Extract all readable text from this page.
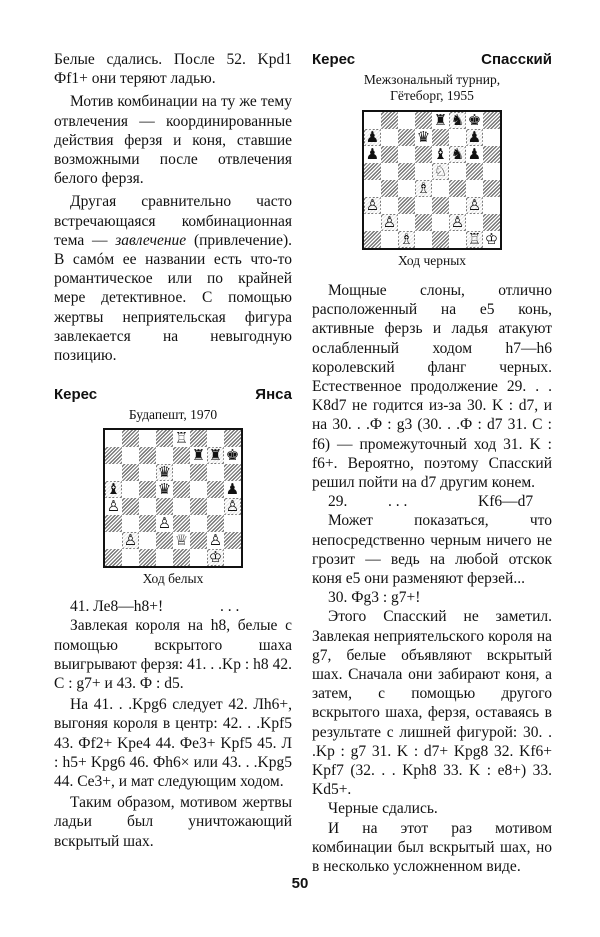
Белые сдались. После 52. Kpd1 Фf1+ они теряют ладью.

Мотив комбинации на ту же тему отвлечения — координированные действия ферзя и коня, ставшие возможными после отвлечения белого ферзя.

Другая сравнительно часто встречающаяся комбинационная тема — завлечение (привлечение). В самóм ее названии есть что-то романтическое или по крайней мере детективное. С помощью жертвы неприятельская фигура завлекается на невыгодную позицию.

Керес	Янса
Будапешт, 1970
♖
♜ ♜ ♚
♛
♝	♛	♟
♙	♙
♙
♙	♕ ♙
♔
Ход белых

41. Ле8—h8+!	. . .

Завлекая короля на h8, белые с помощью вскрытого шаха выигрывают ферзя: 41. . .Kp : h8 42. C : g7+ и 43. Ф : d5.

На 41. . .Kpg6 следует 42. Лh6+, выгоняя короля в центр: 42. . .Kpf5 43. Фf2+ Kpe4 44. Фe3+ Kpf5 45. Л : h5+ Kpg6 46. Фh6× или 43. . .Kpg5 44. Ce3+, и мат следующим ходом.

Таким образом, мотивом жертвы ладьи был уничтожающий вскрытый шах.

Керес	Спасский
Межзональный турнир, Гётеборг, 1955
♜ ♞ ♚
♟	♛	♟
♟	♝ ♞ ♟
♘
♗
♙	♙
♙	♙
♗	♖ ♔
Ход черных

Мощные слоны, отлично расположенный на e5 конь, активные ферзь и ладья атакуют ослабленный ходом h7—h6 королевский фланг черных. Естественное продолжение 29. . . K8d7 не годится из-за 30. K : d7, и на 30. . .Ф : g3 (30. . .Ф : d7 31. C : f6) — промежуточный ход 31. K : f6+. Вероятно, поэтому Спасский решил пойти на d7 другим конем.

29.	. . .	Kf6—d7

Может показаться, что непосредственно черным ничего не грозит — ведь на любой отскок коня e5 они разменяют ферзей...

30. Фg3 : g7+!

Этого Спасский не заметил. Завлекая неприятельского короля на g7, белые объявляют вскрытый шах. Сначала они забирают коня, а затем, с помощью другого вскрытого шаха, ферзя, оставаясь в результате с лишней фигурой: 30. . .Kp : g7 31. K : d7+ Kpg8 32. Kf6+ Kpf7 (32. . . Kph8 33. K : e8+) 33. Kd5+.

Черные сдались.

И на этот раз мотивом комбинации был вскрытый шах, но в несколько усложненном виде.

50
